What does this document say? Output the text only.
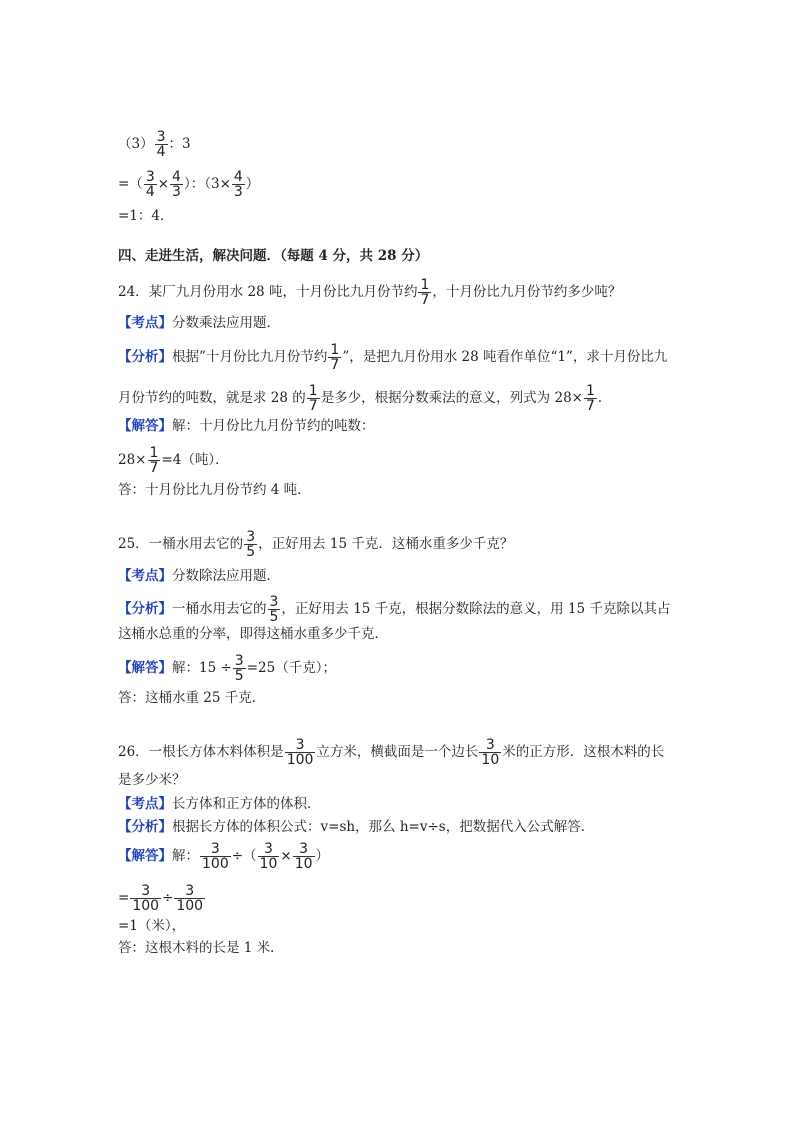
$(3) \frac{3}{4}$ ：3
=（ $\frac{3}{4} \times \frac{4}{3}$ ）：（$3\times \frac{4}{3}$ ）
=1：4．
四、走进生活，解决问题．（每题 4 分，共 28 分）
24．某厂九月份用水 28 吨，十月份比九月份节约 $\frac{1}{7}$ ，十月份比九月份节约多少吨？
【考点】分数乘法应用题．
【分析】根据”十月份比九月份节约 $\frac{1}{7}$ ”，是把九月份用水 28 吨看作单位“1”，求十月份比九
月份节约的吨数，就是求 28 的 $\frac{1}{7}$ 是多少，根据分数乘法的意义，列式为 $28\times \frac{1}{7}$ ．
【解答】解：十月份比九月份节约的吨数：
$28\times \frac{1}{7} =4$（吨）．
答：十月份比九月份节约 4 吨．
25．一桶水用去它的 $\frac{3}{5}$ ，正好用去 15 千克．这桶水重多少千克？
【考点】分数除法应用题．
【分析】一桶水用去它的 $\frac{3}{5}$ ，正好用去 15 千克，根据分数除法的意义，用 15 千克除以其占
这桶水总重的分率，即得这桶水重多少千克．
【解答】解：$15 \div \frac{3}{5} =25$（千克）；
答：这桶水重 25 千克．
26．一根长方体木料体积是 $\frac{3}{100}$ 立方米，横截面是一个边长 $\frac{3}{10}$ 米的正方形．这根木料的长
是多少米？
【考点】长方体和正方体的体积．
【分析】根据长方体的体积公式：v=sh，那么 h=v÷s，把数据代入公式解答．
【解答】解： $\frac{3}{100}$ ÷（ $\frac{3}{10} \times \frac{3}{10}$ ）
= $\frac{3}{100} \div \frac{3}{100}$
=1（米），
答：这根木料的长是 1 米．
